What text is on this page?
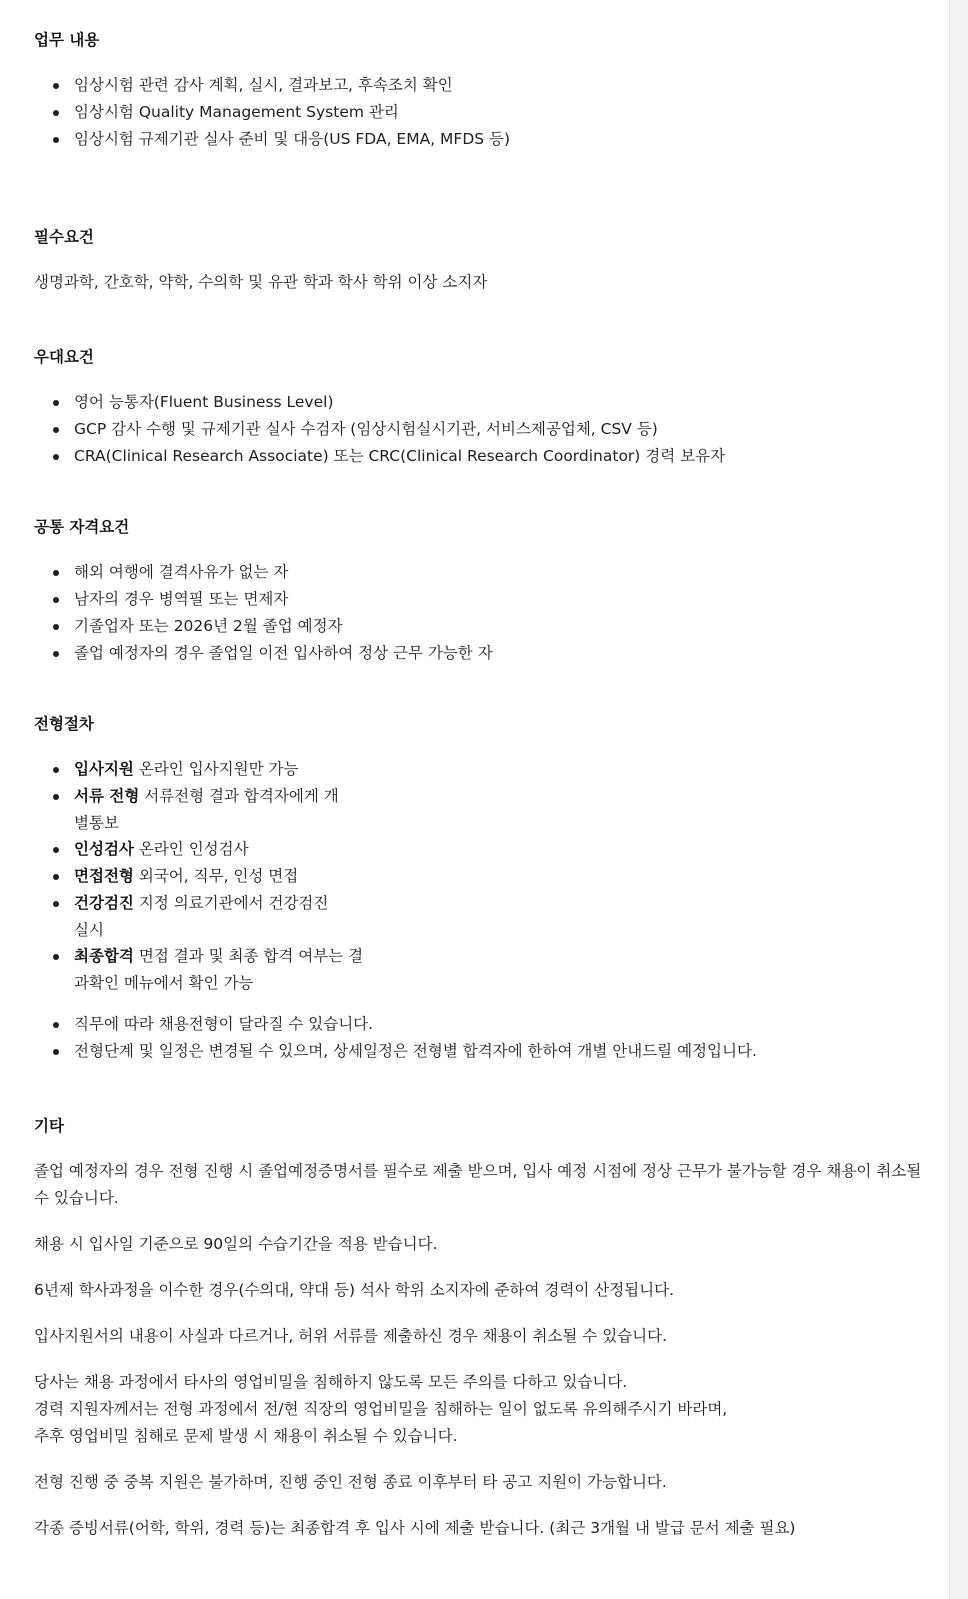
업무 내용
임상시험 관련 감사 계획, 실시, 결과보고, 후속조치 확인
임상시험 Quality Management System 관리
임상시험 규제기관 실사 준비 및 대응(US FDA, EMA, MFDS 등)
필수요건

생명과학, 간호학, 약학, 수의학 및 유관 학과 학사 학위 이상 소지자

우대요건
영어 능통자(Fluent Business Level)
GCP 감사 수행 및 규제기관 실사 수검자 (임상시험실시기관, 서비스제공업체, CSV 등)
CRA(Clinical Research Associate) 또는 CRC(Clinical Research Coordinator) 경력 보유자
공통 자격요건
해외 여행에 결격사유가 없는 자
남자의 경우 병역필 또는 면제자
기졸업자 또는 2026년 2월 졸업 예정자
졸업 예정자의 경우 졸업일 이전 입사하여 정상 근무 가능한 자
전형절차
입사지원 온라인 입사지원만 가능
서류 전형 서류전형 결과 합격자에게 개별통보
인성검사 온라인 인성검사
면접전형 외국어, 직무, 인성 면접
건강검진 지정 의료기관에서 건강검진 실시
최종합격 면접 결과 및 최종 합격 여부는 결과확인 메뉴에서 확인 가능
직무에 따라 채용전형이 달라질 수 있습니다.
전형단계 및 일정은 변경될 수 있으며, 상세일정은 전형별 합격자에 한하여 개별 안내드릴 예정입니다.
기타

졸업 예정자의 경우 전형 진행 시 졸업예정증명서를 필수로 제출 받으며, 입사 예정 시점에 정상 근무가 불가능할 경우 채용이 취소될 수 있습니다.

채용 시 입사일 기준으로 90일의 수습기간을 적용 받습니다.

6년제 학사과정을 이수한 경우(수의대, 약대 등) 석사 학위 소지자에 준하여 경력이 산정됩니다.

입사지원서의 내용이 사실과 다르거나, 허위 서류를 제출하신 경우 채용이 취소될 수 있습니다.

당사는 채용 과정에서 타사의 영업비밀을 침해하지 않도록 모든 주의를 다하고 있습니다.

경력 지원자께서는 전형 과정에서 전/현 직장의 영업비밀을 침해하는 일이 없도록 유의해주시기 바라며,

추후 영업비밀 침해로 문제 발생 시 채용이 취소될 수 있습니다.

전형 진행 중 중복 지원은 불가하며, 진행 중인 전형 종료 이후부터 타 공고 지원이 가능합니다.

각종 증빙서류(어학, 학위, 경력 등)는 최종합격 후 입사 시에 제출 받습니다. (최근 3개월 내 발급 문서 제출 필요)
